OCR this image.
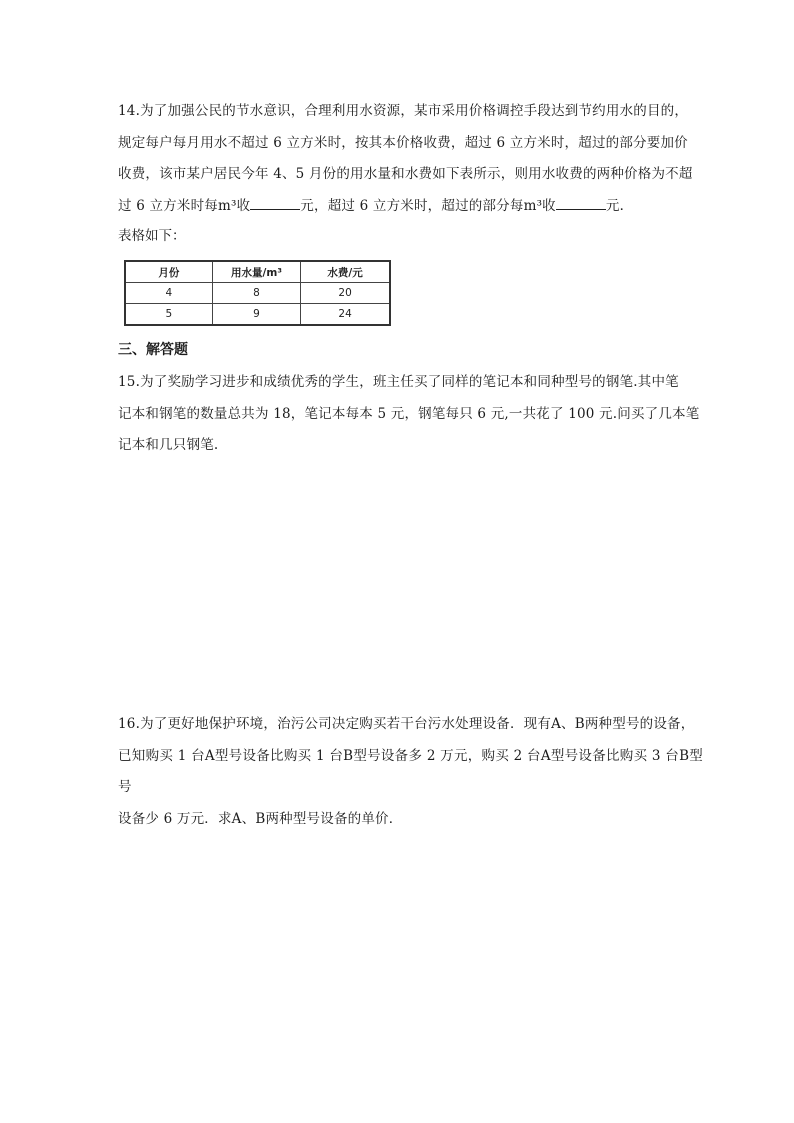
14.为了加强公民的节水意识，合理利用水资源，某市采用价格调控手段达到节约用水的目的，
规定每户每月用水不超过 6 立方米时，按其本价格收费，超过 6 立方米时，超过的部分要加价
收费，该市某户居民今年 4、5 月份的用水量和水费如下表所示，则用水收费的两种价格为不超
过 6 立方米时每m³收	元，超过 6 立方米时，超过的部分每m³收	元．
表格如下：
月份	用水量/m³	水费/元
4	8	20
5	9	24
三、解答题
15.为了奖励学习进步和成绩优秀的学生，班主任买了同样的笔记本和同种型号的钢笔.其中笔
记本和钢笔的数量总共为 18，笔记本每本 5 元，钢笔每只 6 元,一共花了 100 元.问买了几本笔
记本和几只钢笔.
16.为了更好地保护环境，治污公司决定购买若干台污水处理设备．现有A、B两种型号的设备，
已知购买 1 台A型号设备比购买 1 台B型号设备多 2 万元，购买 2 台A型号设备比购买 3 台B型号
设备少 6 万元．求A、B两种型号设备的单价．
